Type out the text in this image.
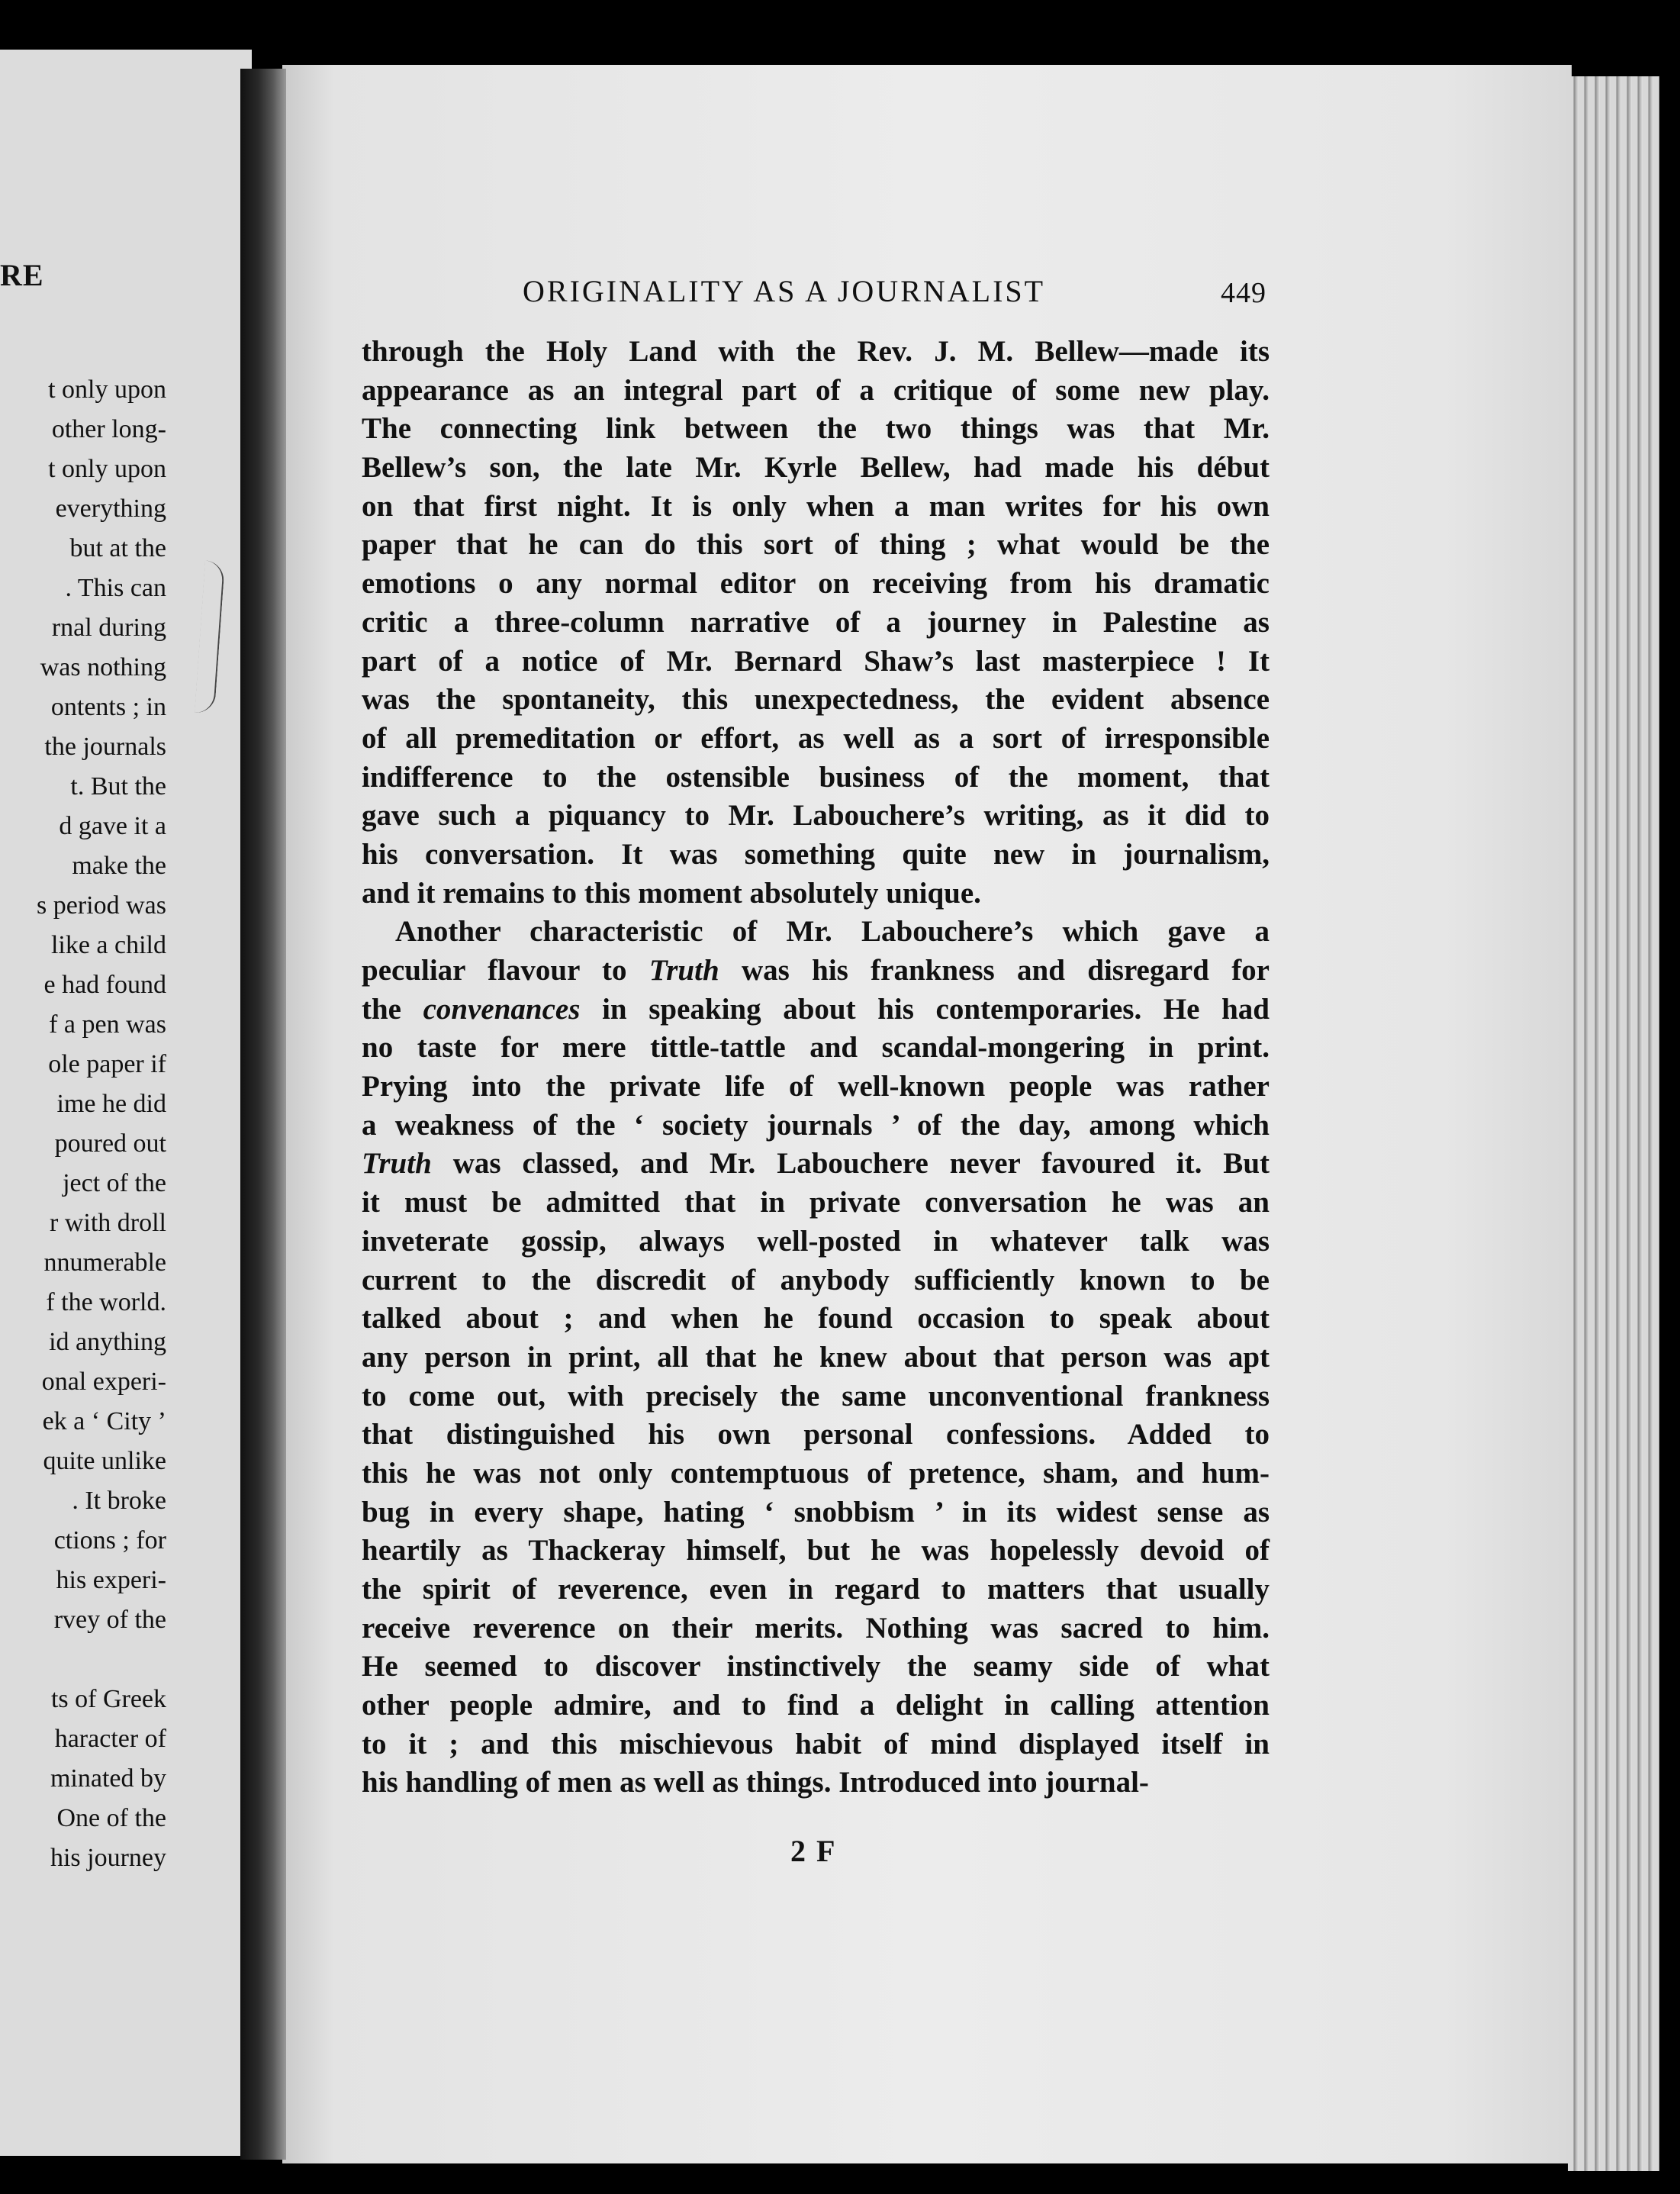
RE
t only upon
other long-
t only upon
everything
but at the
. This can
rnal during
was nothing
ontents ; in
the journals
t. But the
d gave it a
make the
s period was
like a child
e had found
f a pen was
ole paper if
ime he did
poured out
ject of the
r with droll
nnumerable
f the world.
id anything
onal experi-
ek a ‘ City ’
quite unlike
. It broke
ctions ; for
his experi-
rvey of the
ts of Greek
haracter of
minated by
One of the
his journey
ORIGINALITY AS A JOURNALIST	449
through the Holy Land with the Rev. J. M. Bellew—made its
appearance as an integral part of a critique of some new play.
The connecting link between the two things was that Mr.
Bellew’s son, the late Mr. Kyrle Bellew, had made his début
on that first night. It is only when a man writes for his own
paper that he can do this sort of thing ; what would be the
emotions o any normal editor on receiving from his dramatic
critic a three-column narrative of a journey in Palestine as
part of a notice of Mr. Bernard Shaw’s last masterpiece ! It
was the spontaneity, this unexpectedness, the evident absence
of all premeditation or effort, as well as a sort of irresponsible
indifference to the ostensible business of the moment, that
gave such a piquancy to Mr. Labouchere’s writing, as it did to
his conversation. It was something quite new in journalism,
and it remains to this moment absolutely unique.
Another characteristic of Mr. Labouchere’s which gave a
peculiar flavour to Truth was his frankness and disregard for
the convenances in speaking about his contemporaries. He had
no taste for mere tittle-tattle and scandal-mongering in print.
Prying into the private life of well-known people was rather
a weakness of the ‘ society journals ’ of the day, among which
Truth was classed, and Mr. Labouchere never favoured it. But
it must be admitted that in private conversation he was an
inveterate gossip, always well-posted in whatever talk was
current to the discredit of anybody sufficiently known to be
talked about ; and when he found occasion to speak about
any person in print, all that he knew about that person was apt
to come out, with precisely the same unconventional frankness
that distinguished his own personal confessions. Added to
this he was not only contemptuous of pretence, sham, and hum-
bug in every shape, hating ‘ snobbism ’ in its widest sense as
heartily as Thackeray himself, but he was hopelessly devoid of
the spirit of reverence, even in regard to matters that usually
receive reverence on their merits. Nothing was sacred to him.
He seemed to discover instinctively the seamy side of what
other people admire, and to find a delight in calling attention
to it ; and this mischievous habit of mind displayed itself in
his handling of men as well as things. Introduced into journal-
2 F
